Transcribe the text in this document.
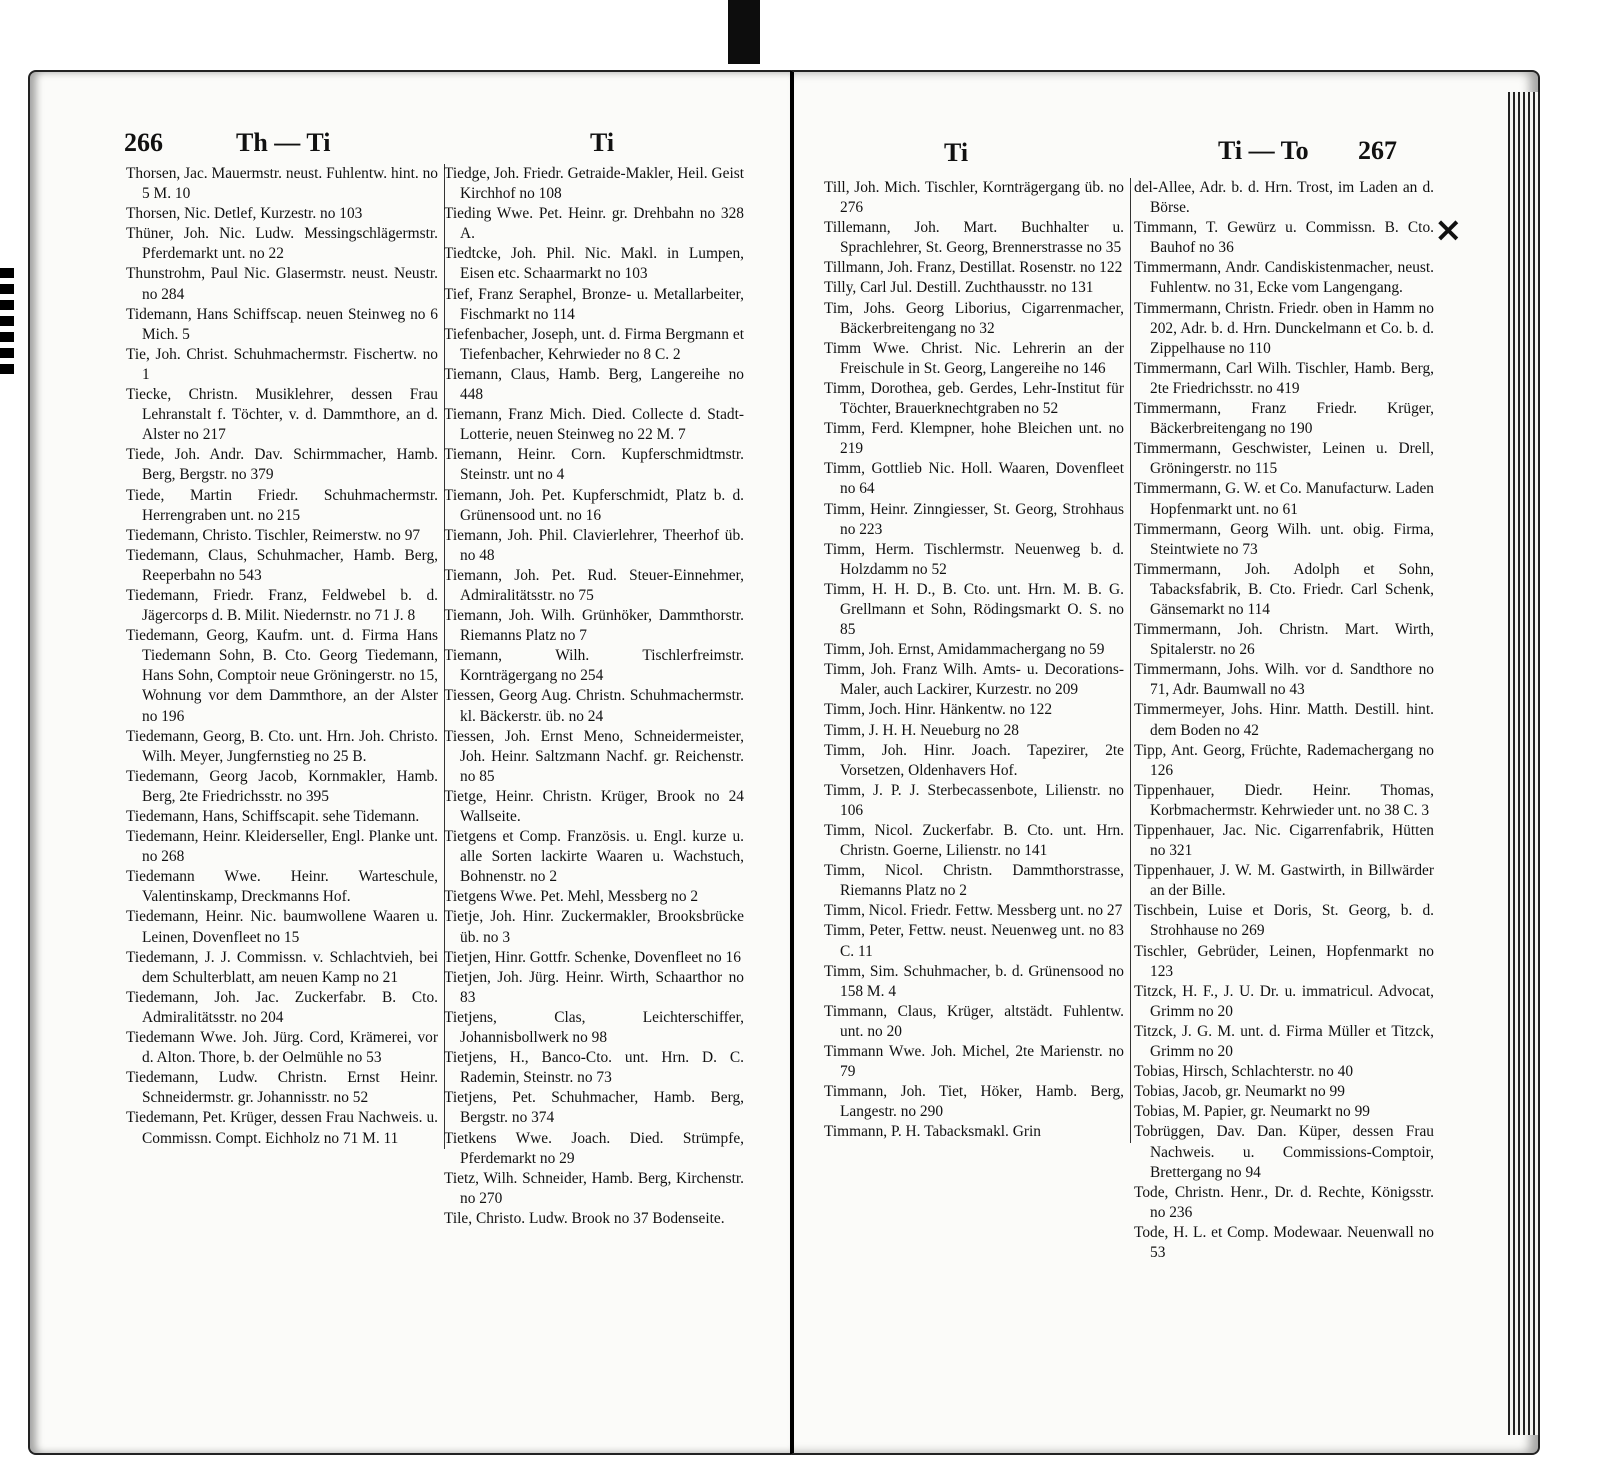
266	Th — Ti	Ti
Thorsen, Jac. Mauermstr. neust. Fuhlentw. hint. no 5 M. 10
Thorsen, Nic. Detlef, Kurzestr. no 103
Thüner, Joh. Nic. Ludw. Messingschlägermstr. Pferdemarkt unt. no 22
Thunstrohm, Paul Nic. Glasermstr. neust. Neustr. no 284
Tidemann, Hans Schiffscap. neuen Steinweg no 6 Mich. 5
Tie, Joh. Christ. Schuhmachermstr. Fischertw. no 1
Tiecke, Christn. Musiklehrer, dessen Frau Lehranstalt f. Töchter, v. d. Dammthore, an d. Alster no 217
Tiede, Joh. Andr. Dav. Schirmmacher, Hamb. Berg, Bergstr. no 379
Tiede, Martin Friedr. Schuhmachermstr. Herrengraben unt. no 215
Tiedemann, Christo. Tischler, Reimerstw. no 97
Tiedemann, Claus, Schuhmacher, Hamb. Berg, Reeperbahn no 543
Tiedemann, Friedr. Franz, Feldwebel b. d. Jägercorps d. B. Milit. Niedernstr. no 71 J. 8
Tiedemann, Georg, Kaufm. unt. d. Firma Hans Tiedemann Sohn, B. Cto. Georg Tiedemann, Hans Sohn, Comptoir neue Gröningerstr. no 15, Wohnung vor dem Dammthore, an der Alster no 196
Tiedemann, Georg, B. Cto. unt. Hrn. Joh. Christo. Wilh. Meyer, Jungfernstieg no 25 B.
Tiedemann, Georg Jacob, Kornmakler, Hamb. Berg, 2te Friedrichsstr. no 395
Tiedemann, Hans, Schiffscapit. sehe Tidemann.
Tiedemann, Heinr. Kleiderseller, Engl. Planke unt. no 268
Tiedemann Wwe. Heinr. Warteschule, Valentinskamp, Dreckmanns Hof.
Tiedemann, Heinr. Nic. baumwollene Waaren u. Leinen, Dovenfleet no 15
Tiedemann, J. J. Commissn. v. Schlachtvieh, bei dem Schulterblatt, am neuen Kamp no 21
Tiedemann, Joh. Jac. Zuckerfabr. B. Cto. Admiralitätsstr. no 204
Tiedemann Wwe. Joh. Jürg. Cord, Krämerei, vor d. Alton. Thore, b. der Oelmühle no 53
Tiedemann, Ludw. Christn. Ernst Heinr. Schneidermstr. gr. Johannisstr. no 52
Tiedemann, Pet. Krüger, dessen Frau Nachweis. u. Commissn. Compt. Eichholz no 71 M. 11
Tiedge, Joh. Friedr. Getraide-Makler, Heil. Geist Kirchhof no 108
Tieding Wwe. Pet. Heinr. gr. Drehbahn no 328 A.
Tiedtcke, Joh. Phil. Nic. Makl. in Lumpen, Eisen etc. Schaarmarkt no 103
Tief, Franz Seraphel, Bronze- u. Metallarbeiter, Fischmarkt no 114
Tiefenbacher, Joseph, unt. d. Firma Bergmann et Tiefenbacher, Kehrwieder no 8 C. 2
Tiemann, Claus, Hamb. Berg, Langereihe no 448
Tiemann, Franz Mich. Died. Collecte d. Stadt-Lotterie, neuen Steinweg no 22 M. 7
Tiemann, Heinr. Corn. Kupferschmidtmstr. Steinstr. unt no 4
Tiemann, Joh. Pet. Kupferschmidt, Platz b. d. Grünensood unt. no 16
Tiemann, Joh. Phil. Clavierlehrer, Theerhof üb. no 48
Tiemann, Joh. Pet. Rud. Steuer-Einnehmer, Admiralitätsstr. no 75
Tiemann, Joh. Wilh. Grünhöker, Dammthorstr. Riemanns Platz no 7
Tiemann, Wilh. Tischlerfreimstr. Kornträgergang no 254
Tiessen, Georg Aug. Christn. Schuhmachermstr. kl. Bäckerstr. üb. no 24
Tiessen, Joh. Ernst Meno, Schneidermeister, Joh. Heinr. Saltzmann Nachf. gr. Reichenstr. no 85
Tietge, Heinr. Christn. Krüger, Brook no 24 Wallseite.
Tietgens et Comp. Französis. u. Engl. kurze u. alle Sorten lackirte Waaren u. Wachstuch, Bohnenstr. no 2
Tietgens Wwe. Pet. Mehl, Messberg no 2
Tietje, Joh. Hinr. Zuckermakler, Brooksbrücke üb. no 3
Tietjen, Hinr. Gottfr. Schenke, Dovenfleet no 16
Tietjen, Joh. Jürg. Heinr. Wirth, Schaarthor no 83
Tietjens, Clas, Leichterschiffer, Johannisbollwerk no 98
Tietjens, H., Banco-Cto. unt. Hrn. D. C. Rademin, Steinstr. no 73
Tietjens, Pet. Schuhmacher, Hamb. Berg, Bergstr. no 374
Tietkens Wwe. Joach. Died. Strümpfe, Pferdemarkt no 29
Tietz, Wilh. Schneider, Hamb. Berg, Kirchenstr. no 270
Tile, Christo. Ludw. Brook no 37 Bodenseite.
Ti	Ti — To 267
Till, Joh. Mich. Tischler, Kornträgergang üb. no 276
Tillemann, Joh. Mart. Buchhalter u. Sprachlehrer, St. Georg, Brennerstrasse no 35
Tillmann, Joh. Franz, Destillat. Rosenstr. no 122
Tilly, Carl Jul. Destill. Zuchthausstr. no 131
Tim, Johs. Georg Liborius, Cigarrenmacher, Bäckerbreitengang no 32
Timm Wwe. Christ. Nic. Lehrerin an der Freischule in St. Georg, Langereihe no 146
Timm, Dorothea, geb. Gerdes, Lehr-Institut für Töchter, Brauerknechtgraben no 52
Timm, Ferd. Klempner, hohe Bleichen unt. no 219
Timm, Gottlieb Nic. Holl. Waaren, Dovenfleet no 64
Timm, Heinr. Zinngiesser, St. Georg, Strohhaus no 223
Timm, Herm. Tischlermstr. Neuenweg b. d. Holzdamm no 52
Timm, H. H. D., B. Cto. unt. Hrn. M. B. G. Grellmann et Sohn, Rödingsmarkt O. S. no 85
Timm, Joh. Ernst, Amidammachergang no 59
Timm, Joh. Franz Wilh. Amts- u. Decorations-Maler, auch Lackirer, Kurzestr. no 209
Timm, Joch. Hinr. Hänkentw. no 122
Timm, J. H. H. Neueburg no 28
Timm, Joh. Hinr. Joach. Tapezirer, 2te Vorsetzen, Oldenhavers Hof.
Timm, J. P. J. Sterbecassenbote, Lilienstr. no 106
Timm, Nicol. Zuckerfabr. B. Cto. unt. Hrn. Christn. Goerne, Lilienstr. no 141
Timm, Nicol. Christn. Dammthorstrasse, Riemanns Platz no 2
Timm, Nicol. Friedr. Fettw. Messberg unt. no 27
Timm, Peter, Fettw. neust. Neuenweg unt. no 83 C. 11
Timm, Sim. Schuhmacher, b. d. Grünensood no 158 M. 4
Timmann, Claus, Krüger, altstädt. Fuhlentw. unt. no 20
Timmann Wwe. Joh. Michel, 2te Marienstr. no 79
Timmann, Joh. Tiet, Höker, Hamb. Berg, Langestr. no 290
Timmann, P. H. Tabacksmakl. Grin
del-Allee, Adr. b. d. Hrn. Trost, im Laden an d. Börse.
Timmann, T. Gewürz u. Commissn. B. Cto. Bauhof no 36
Timmermann, Andr. Candiskistenmacher, neust. Fuhlentw. no 31, Ecke vom Langengang.
Timmermann, Christn. Friedr. oben in Hamm no 202, Adr. b. d. Hrn. Dunckelmann et Co. b. d. Zippelhause no 110
Timmermann, Carl Wilh. Tischler, Hamb. Berg, 2te Friedrichsstr. no 419
Timmermann, Franz Friedr. Krüger, Bäckerbreitengang no 190
Timmermann, Geschwister, Leinen u. Drell, Gröningerstr. no 115
Timmermann, G. W. et Co. Manufacturw. Laden Hopfenmarkt unt. no 61
Timmermann, Georg Wilh. unt. obig. Firma, Steintwiete no 73
Timmermann, Joh. Adolph et Sohn, Tabacksfabrik, B. Cto. Friedr. Carl Schenk, Gänsemarkt no 114
Timmermann, Joh. Christn. Mart. Wirth, Spitalerstr. no 26
Timmermann, Johs. Wilh. vor d. Sandthore no 71, Adr. Baumwall no 43
Timmermeyer, Johs. Hinr. Matth. Destill. hint. dem Boden no 42
Tipp, Ant. Georg, Früchte, Rademachergang no 126
Tippenhauer, Diedr. Heinr. Thomas, Korbmachermstr. Kehrwieder unt. no 38 C. 3
Tippenhauer, Jac. Nic. Cigarrenfabrik, Hütten no 321
Tippenhauer, J. W. M. Gastwirth, in Billwärder an der Bille.
Tischbein, Luise et Doris, St. Georg, b. d. Strohhause no 269
Tischler, Gebrüder, Leinen, Hopfenmarkt no 123
Titzck, H. F., J. U. Dr. u. immatricul. Advocat, Grimm no 20
Titzck, J. G. M. unt. d. Firma Müller et Titzck, Grimm no 20
Tobias, Hirsch, Schlachterstr. no 40
Tobias, Jacob, gr. Neumarkt no 99
Tobias, M. Papier, gr. Neumarkt no 99
Tobrüggen, Dav. Dan. Küper, dessen Frau Nachweis. u. Commissions-Comptoir, Brettergang no 94
Tode, Christn. Henr., Dr. d. Rechte, Königsstr. no 236
Tode, H. L. et Comp. Modewaar. Neuenwall no 53
×
